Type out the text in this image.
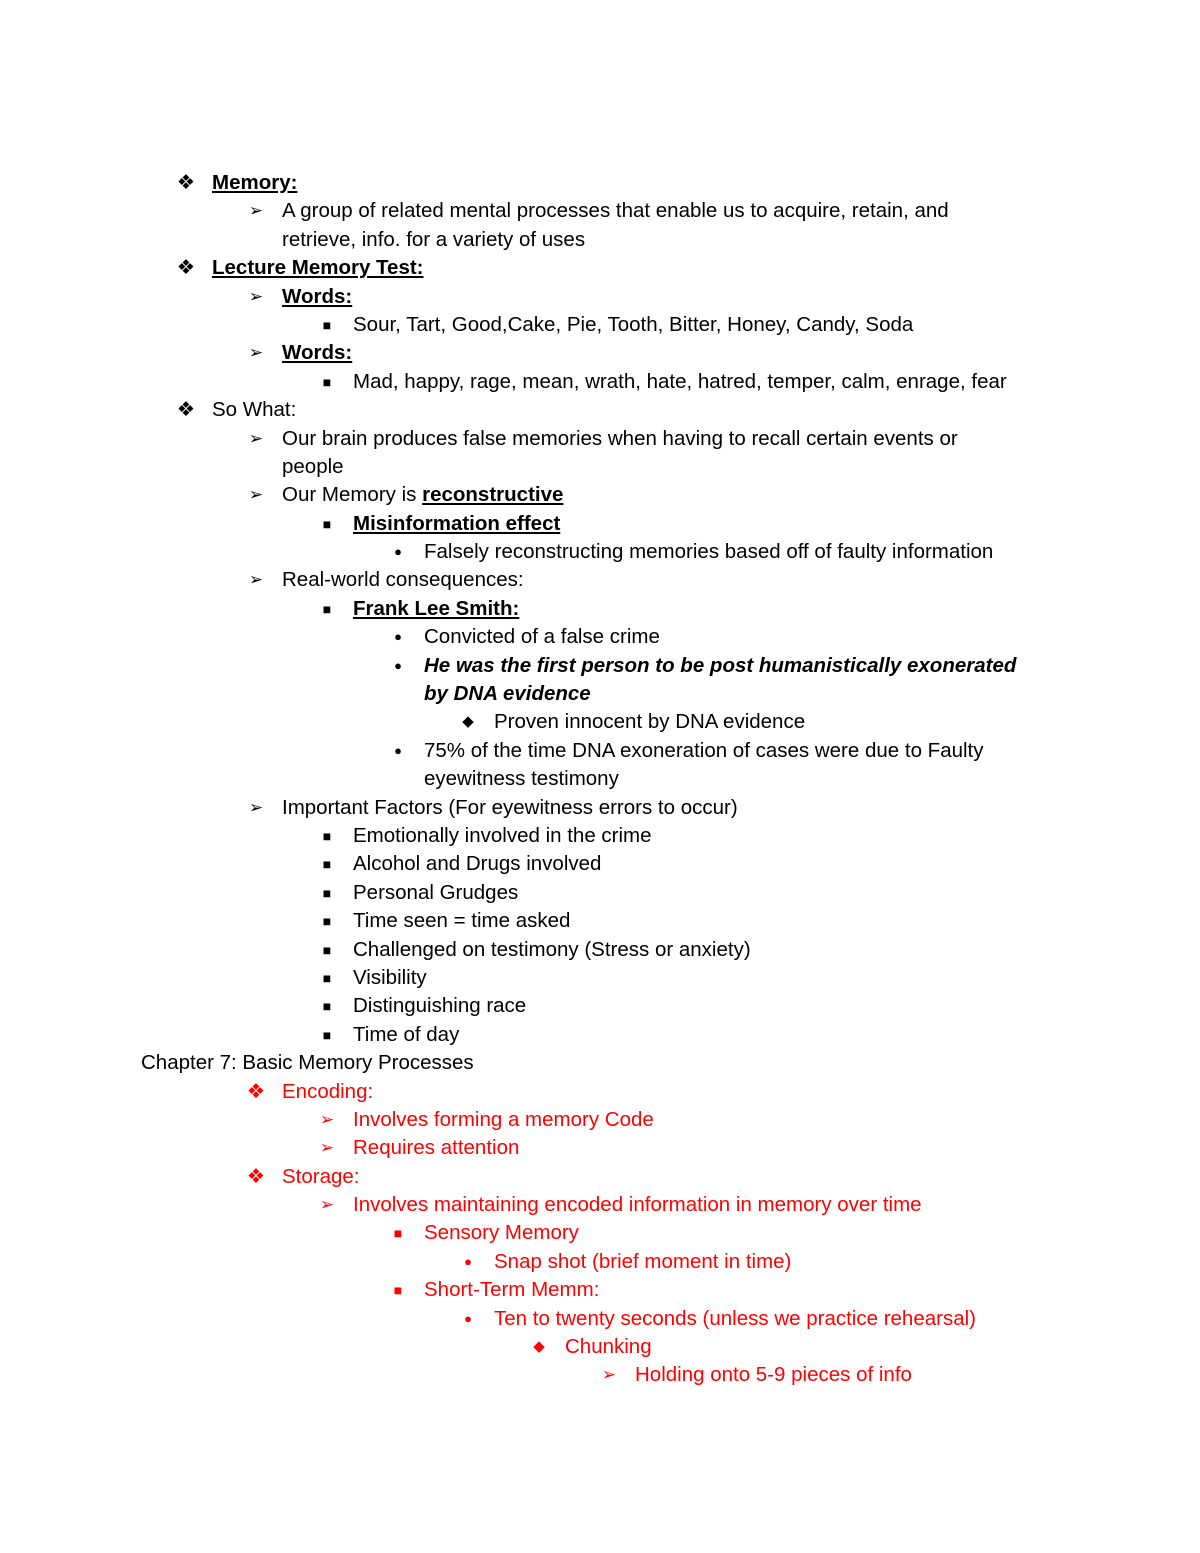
❖ Memory:
➢ A group of related mental processes that enable us to acquire, retain, and
retrieve, info. for a variety of uses
❖ Lecture Memory Test:
➢ Words:
■	Sour, Tart, Good,Cake, Pie, Tooth, Bitter, Honey, Candy, Soda
➢ Words:
■	Mad, happy, rage, mean, wrath, hate, hatred, temper, calm, enrage, fear
❖ So What:
➢ Our brain produces false memories when having to recall certain events or
people
➢ Our Memory is reconstructive
■	Misinformation effect
●	Falsely reconstructing memories based off of faulty information
➢ Real-world consequences:
■	Frank Lee Smith:
●	Convicted of a false crime
●	He was the first person to be post humanistically exonerated
by DNA evidence
◆ Proven innocent by DNA evidence
●	75% of the time DNA exoneration of cases were due to Faulty
eyewitness testimony
➢ Important Factors (For eyewitness errors to occur)
■	Emotionally involved in the crime
■	Alcohol and Drugs involved
■	Personal Grudges
■	Time seen = time asked
■	Challenged on testimony (Stress or anxiety)
■	Visibility
■	Distinguishing race
■	Time of day
Chapter 7: Basic Memory Processes
❖ Encoding:
➢ Involves forming a memory Code
➢ Requires attention
❖ Storage:
➢ Involves maintaining encoded information in memory over time
■	Sensory Memory
●	Snap shot (brief moment in time)
■	Short-Term Memm:
●	Ten to twenty seconds (unless we practice rehearsal)
◆ Chunking
➢ Holding onto 5-9 pieces of info
